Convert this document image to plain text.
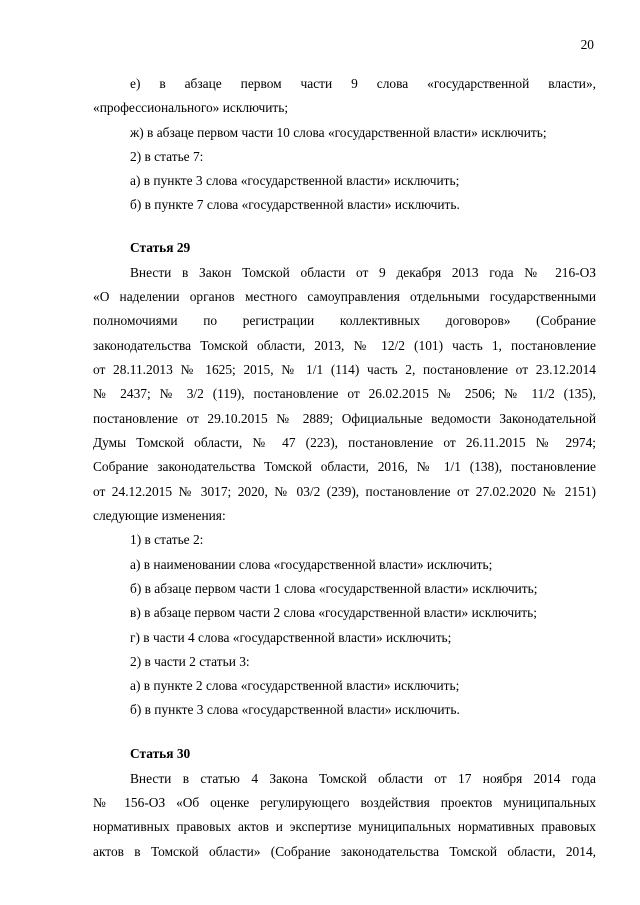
20
е) в абзаце первом части 9 слова «государственной власти»,
«профессионального» исключить;
ж) в абзаце первом части 10 слова «государственной власти» исключить;
2) в статье 7:
а) в пункте 3 слова «государственной власти» исключить;
б) в пункте 7 слова «государственной власти» исключить.
Статья 29
Внести в Закон Томской области от 9 декабря 2013 года № 216-ОЗ
«О наделении органов местного самоуправления отдельными государственными
полномочиями по регистрации коллективных договоров» (Собрание
законодательства Томской области, 2013, № 12/2 (101) часть 1, постановление
от 28.11.2013 № 1625; 2015, № 1/1 (114) часть 2, постановление от 23.12.2014
№ 2437; № 3/2 (119), постановление от 26.02.2015 № 2506; № 11/2 (135),
постановление от 29.10.2015 № 2889; Официальные ведомости Законодательной
Думы Томской области, № 47 (223), постановление от 26.11.2015 № 2974;
Собрание законодательства Томской области, 2016, № 1/1 (138), постановление
от 24.12.2015 № 3017; 2020, № 03/2 (239), постановление от 27.02.2020 № 2151)
следующие изменения:
1) в статье 2:
а) в наименовании слова «государственной власти» исключить;
б) в абзаце первом части 1 слова «государственной власти» исключить;
в) в абзаце первом части 2 слова «государственной власти» исключить;
г) в части 4 слова «государственной власти» исключить;
2) в части 2 статьи 3:
а) в пункте 2 слова «государственной власти» исключить;
б) в пункте 3 слова «государственной власти» исключить.
Статья 30
Внести в статью 4 Закона Томской области от 17 ноября 2014 года
№ 156-ОЗ «Об оценке регулирующего воздействия проектов муниципальных
нормативных правовых актов и экспертизе муниципальных нормативных правовых
актов в Томской области» (Собрание законодательства Томской области, 2014,
